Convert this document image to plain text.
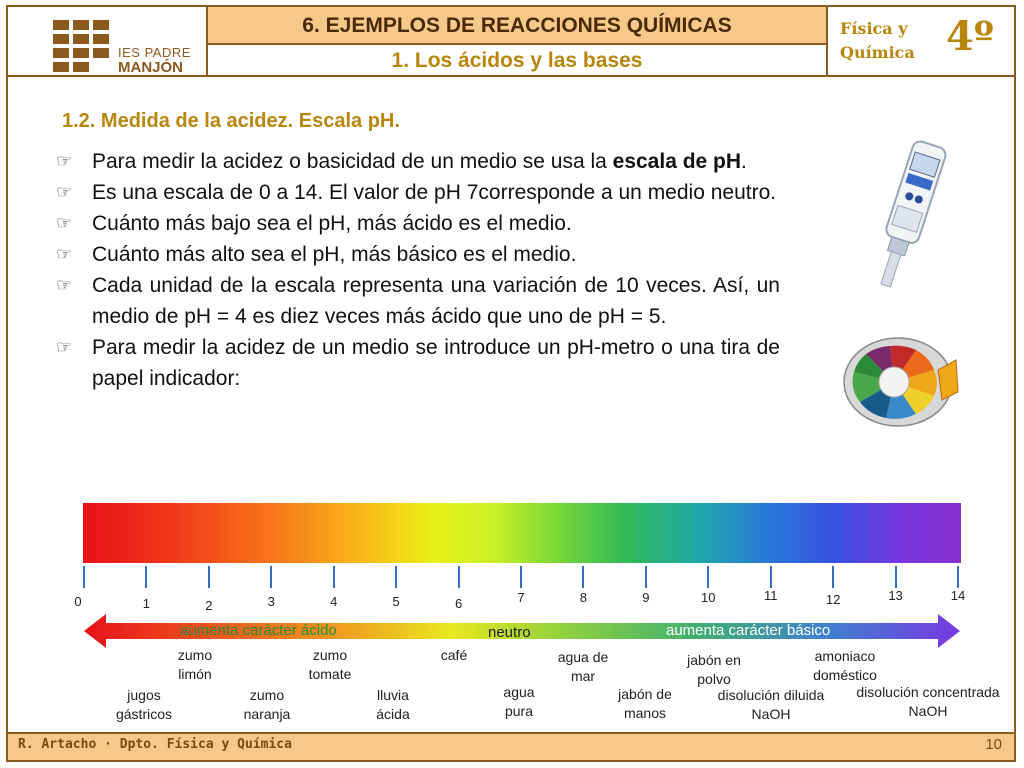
IES PADRE
MANJÓN
6. EJEMPLOS DE REACCIONES QUÍMICAS
1. Los ácidos y las bases
Física y
Química 4º
1.2. Medida de la acidez. Escala pH.
☞ Para medir la acidez o basicidad de un medio se usa la escala de pH.
☞ Es una escala de 0 a 14. El valor de pH 7corresponde a un medio neutro.
☞ Cuánto más bajo sea el pH, más ácido es el medio.
☞ Cuánto más alto sea el pH, más básico es el medio.
☞ Cada unidad de la escala representa una variación de 10 veces. Así, un medio de pH = 4 es diez veces más ácido que uno de pH = 5.
☞ Para medir la acidez de un medio se introduce un pH-metro o una tira de papel indicador:
0	1	2	3	4	5	6	7	8	9	10	11	12	13	14
aumenta carácter ácido	neutro	aumenta carácter básico
zumo limón
zumo tomate
café	agua de mar
jabón en polvo
amoniaco doméstico
jugos gástricos
zumo naranja
lluvia ácida
agua pura
jabón de manos
disolución diluida NaOH
disolución concentrada NaOH
R. Artacho · Dpto. Física y Química	10
